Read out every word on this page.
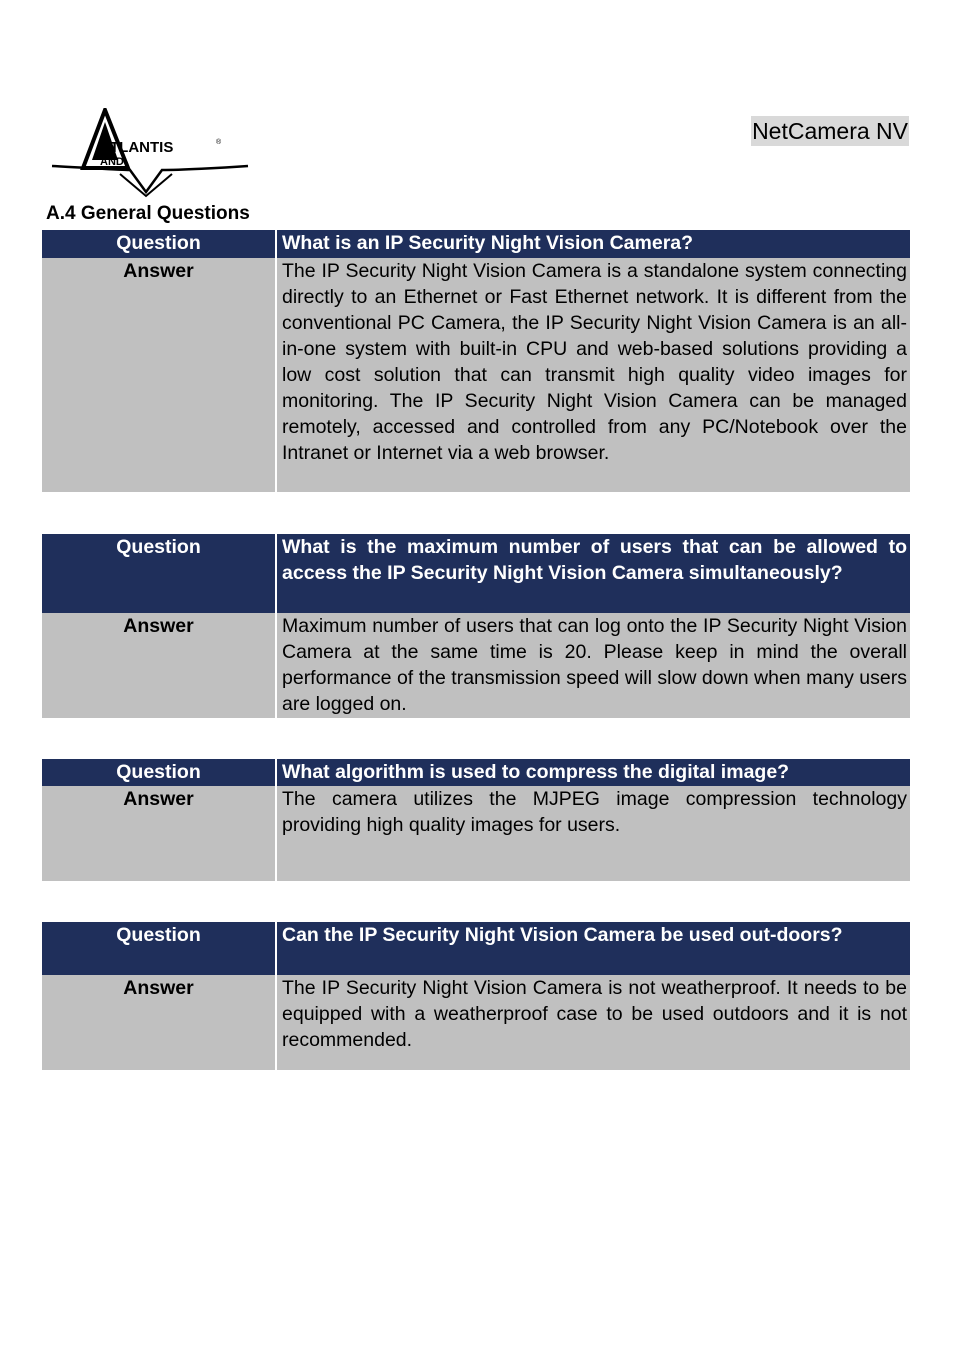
TLANTIS	®
AND
NetCamera NV
A.4 General Questions
Question	What is an IP Security Night Vision Camera?
Answer	The IP Security Night Vision Camera is a standalone system connecting directly to an Ethernet or Fast Ethernet network. It is different from the conventional PC Camera, the IP Security Night Vision Camera is an all-in-one system with built-in CPU and web-based solutions providing a low cost solution that can transmit high quality video images for monitoring. The IP Security Night Vision Camera can be managed remotely, accessed and controlled from any PC/Notebook over the Intranet or Internet via a web browser.
Question	What is the maximum number of users that can be allowed to access the IP Security Night Vision Camera simultaneously?
Answer	Maximum number of users that can log onto the IP Security Night Vision Camera at the same time is 20. Please keep in mind the overall performance of the transmission speed will slow down when many users are logged on.
Question	What algorithm is used to compress the digital image?
Answer	The camera utilizes the MJPEG image compression technology providing high quality images for users.
Question	Can the IP Security Night Vision Camera be used out-doors?
Answer	The IP Security Night Vision Camera is not weatherproof. It needs to be equipped with a weatherproof case to be used outdoors and it is not recommended.
